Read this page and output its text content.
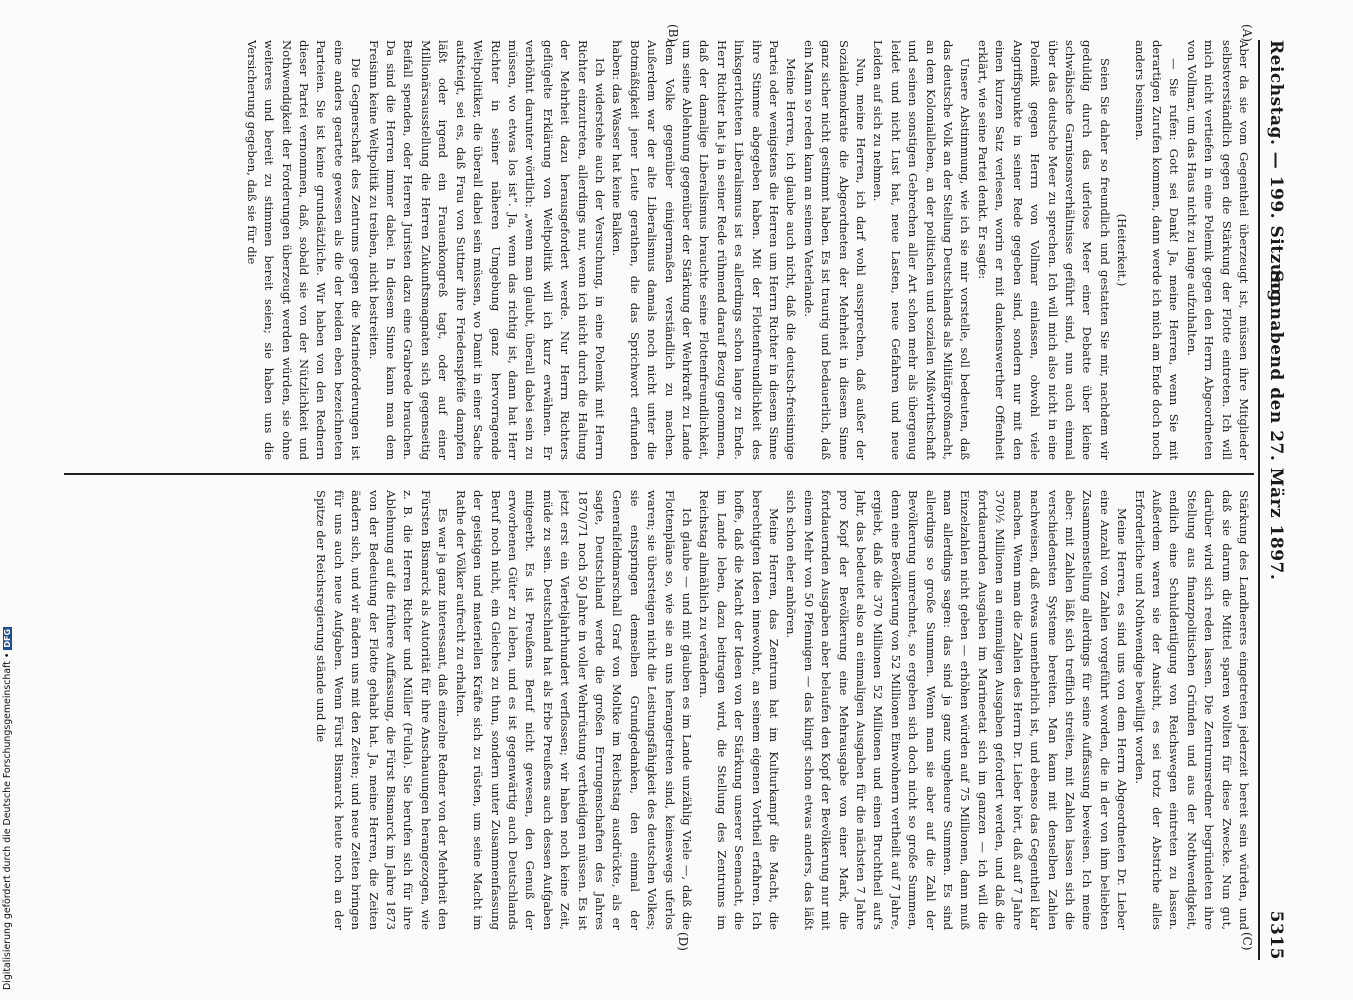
Digitalisierung gefördert durch die Deutsche Forschungsgemeinschaft •DFG
Reichstag. — 199. Sitzung.
Sonnabend den 27. März 1897.
5315
(A)
(B)
(C)
(D)

Aber da sie vom Gegentheil überzeugt ist, müssen ihre Mitglieder selbstverständlich gegen die Stärkung der Flotte eintreten. Ich will mich nicht vertiefen in eine Polemik gegen den Herrn Abgeordneten von Vollmar, um das Haus nicht zu lange aufzuhalten.

— Sie rufen: Gott sei Dank! Ja, meine Herren, wenn Sie mit derartigen Zurufen kommen, dann werde ich mich am Ende doch noch anders besinnen.

(Heiterkeit.)

Seien Sie daher so freundlich und gestatten Sie mir, nachdem wir geduldig durch das uferlose Meer einer Debatte über kleine schwäbische Garnisonsverhältnisse geführt sind, nun auch einmal über das deutsche Meer zu sprechen. Ich will mich also nicht in eine Polemik gegen Herrn von Vollmar einlassen, obwohl viele Angriffspunkte in seiner Rede gegeben sind, sondern nur mit den einen kurzen Satz verlesen, worin er mit dankenswerther Offenheit erklärt, wie seine Partei denkt. Er sagte:

Unsere Abstimmung, wie ich sie mir vorstelle, soll bedeuten, daß das deutsche Volk an der Stellung Deutschlands als Militärgroßmacht, an dem Kolonialleben, an der politischen und sozialen Mißwirthschaft und seinen sonstigen Gebrechen aller Art schon mehr als übergenug leidet und nicht Lust hat, neue Lasten, neue Gefahren und neue Leiden auf sich zu nehmen.

Nun, meine Herren, ich darf wohl aussprechen, daß außer der Sozialdemokratie die Abgeordneten der Mehrheit in diesem Sinne ganz sicher nicht gestimmt haben. Es ist traurig und bedauerlich, daß ein Mann so reden kann an seinem Vaterlande.

Meine Herren, ich glaube auch nicht, daß die deutsch-freisinnige Partei oder wenigstens die Herren um Herrn Richter in diesem Sinne ihre Stimme abgegeben haben. Mit der Flottenfreundlichkeit des linksgerichteten Liberalismus ist es allerdings schon lange zu Ende. Herr Richter hat ja in seiner Rede rühmend darauf Bezug genommen, daß der damalige Liberalismus brauchte seine Flottenfreundlichkeit, um seine Ablehnung gegenüber der Stärkung der Wehrkraft zu Lande dem Volke gegenüber einigermaßen verständlich zu machen. Außerdem war der alte Liberalismus damals noch nicht unter die Botmäßigkeit jener Leute gerathen, die das Sprichwort erfunden haben: das Wasser hat keine Balken.

Ich widerstehe auch der Versuchung, in eine Polemik mit Herrn Richter einzutreten, allerdings nur, wenn ich nicht durch die Haltung der Mehrheit dazu herausgefordert werde. Nur Herrn Richters geflügelte Erklärung von Weltpolitik will ich kurz erwähnen. Er verhöhnt darunter wörtlich: „wenn man glaubt, überall dabei sein zu müssen, wo etwas los ist“. Ja, wenn das richtig ist, dann hat Herr Richter in seiner näheren Umgebung ganz hervorragende Weltpolitiker, die überall dabei sein müssen, wo Damit in einer Sache aufsteigt, sei es, daß Frau von Suttner ihre Friedenspfeife dampfen läßt oder irgend ein Frauenkongreß tagt, oder auf einer Millionärsausstellung die Herren Zukunftsmagnaten sich gegenseitig Beifall spenden, oder Herren Juristen dazu eine Grabrede brauchen. Da sind die Herren immer dabei. In diesem Sinne kann man dem Freisinn keine Weltpolitik zu treiben, nicht bestreiten.

Die Gegnerschaft des Zentrums gegen die Marineforderungen ist eine anders geartete gewesen als die der beiden eben bezeichneten Parteien. Sie ist keine grundsätzliche. Wir haben von den Rednern dieser Partei vernommen, daß, sobald sie von der Nützlichkeit und Nothwendigkeit der Forderungen überzeugt werden würden, sie ohne weiteres und bereit zu stimmen bereit seien; sie haben uns die Versicherung gegeben, daß sie für die

Stärkung des Landheeres eingetreten jederzeit bereit sein würden, und daß sie darum die Mittel sparen wollten für diese Zwecke. Nun gut, darüber wird sich reden lassen. Die Zentrumsredner begründeten ihre Stellung aus finanzpolitischen Gründen und aus der Nothwendigkeit, endlich eine Schuldentilgung von Reichswegen eintreten zu lassen. Außerdem waren sie der Ansicht, es sei trotz der Abstriche alles Erforderliche und Nothwendige bewilligt worden.

Meine Herren, es sind uns von dem Herrn Abgeordneten Dr. Lieber eine Anzahl von Zahlen vorgeführt worden, die in der von ihm beliebten Zusammenstellung allerdings für seine Auffassung beweisen. Ich meine aber: mit Zahlen läßt sich trefflich streiten, mit Zahlen lassen sich die verschiedensten Systeme bereiten. Man kann mit denselben Zahlen nachweisen, daß etwas unentbehrlich ist, und ebenso das Gegentheil klar machen. Wenn man die Zahlen des Herrn Dr. Lieber hört, daß auf 7 Jahre 370½ Millionen an einmaligen Ausgaben gefordert werden, und daß die fortdauernden Ausgaben im Marineetat sich im ganzen — ich will die Einzelzahlen nicht geben — erhöhen würden auf 75 Millionen, dann muß man allerdings sagen: das sind ja ganz ungeheure Summen. Es sind allerdings so große Summen. Wenn man sie aber auf die Zahl der Bevölkerung umrechnet, so ergeben sich doch nicht so große Summen, denn eine Bevölkerung von 52 Millionen Einwohnern vertheilt auf 7 Jahre, ergiebt, daß die 370 Millionen 52 Millionen und einen Bruchtheil auf's Jahr, das bedeutet also an einmaligen Ausgaben für die nächsten 7 Jahre pro Kopf der Bevölkerung eine Mehrausgabe von einer Mark, die fortdauernden Ausgaben aber belaufen den Kopf der Bevölkerung nur mit einem Mehr von 50 Pfennigen — das klingt schon etwas anders, das läßt sich schon eher anhören.

Meine Herren, das Zentrum hat im Kulturkampf die Macht, die berechtigten Ideen innewohnt, an seinem eigenen Vortheil erfahren. Ich hoffe, daß die Macht der Ideen von der Stärkung unserer Seemacht, die im Lande leben, dazu beitragen wird, die Stellung des Zentrums im Reichstag allmählich zu verändern.

Ich glaube — und mit glauben es im Lande unzählig Viele —, daß die Flottenpläne so, wie sie an uns herangetreten sind, keineswegs uferlos waren; sie übersteigen nicht die Leistungsfähigkeit des deutschen Volkes; sie entspringen demselben Grundgedanken, den einmal der Generalfeldmarschall Graf von Moltke im Reichstag ausdrückte, als er sagte, Deutschland werde die großen Errungenschaften des Jahres 1870/71 noch 50 Jahre in voller Wehrrüstung vertheidigen müssen. Es ist jetzt erst ein Vierteljahrhundert verflossen; wir haben noch keine Zeit, müde zu sein. Deutschland hat als Erbe Preußens auch dessen Aufgaben mitgeerbt. Es ist Preußens Beruf nicht gewesen, den Genuß der erworbenen Güter zu leben, und es ist gegenwärtig auch Deutschlands Beruf noch nicht, ein Gleiches zu thun, sondern unter Zusammenfassung der geistigen und materiellen Kräfte sich zu rüsten, um seine Macht im Rathe der Völker aufrecht zu erhalten.

Es war ja ganz interessant, daß einzelne Redner von der Mehrheit den Fürsten Bismarck als Autorität für ihre Anschauungen herangezogen, wie z. B. die Herren Richter und Müller (Fulda). Sie berufen sich für ihre Ablehnung auf die frühere Auffassung, die Fürst Bismarck im Jahre 1873 von der Bedeutung der Flotte gehabt hat. Ja, meine Herren, die Zeiten ändern sich, und wir ändern uns mit den Zeiten; und neue Zeiten bringen für uns auch neue Aufgaben. Wenn Fürst Bismarck heute noch an der Spitze der Reichsregierung stände und die
